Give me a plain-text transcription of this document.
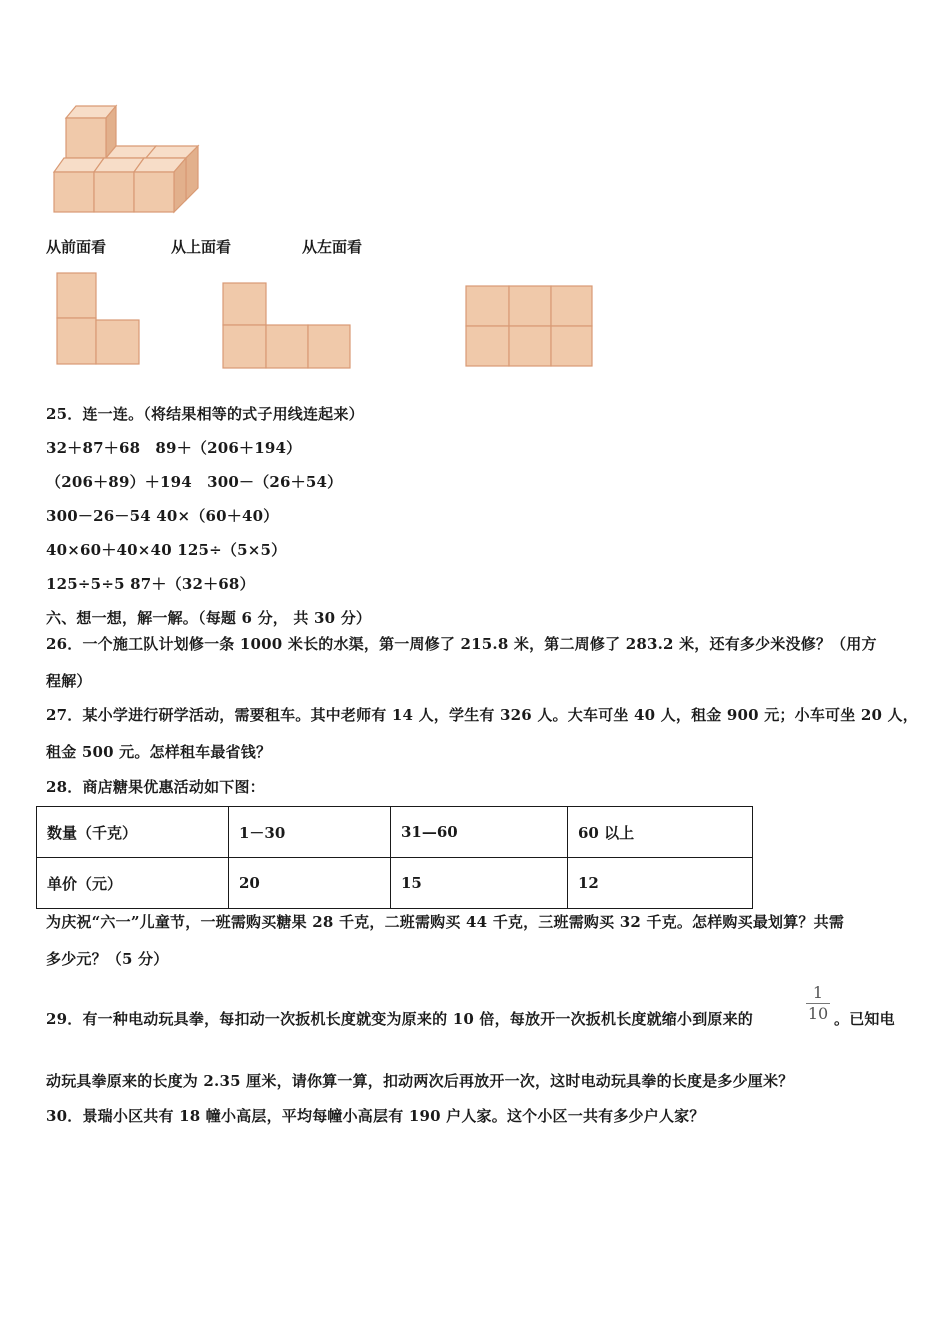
从前面看	从上面看	从左面看
25．连一连。（将结果相等的式子用线连起来）
32＋87＋68　89＋（206＋194）
（206＋89）＋194　300－（26＋54）
300－26－54 40×（60＋40）
40×60＋40×40 125÷（5×5）
125÷5÷5 87＋（32＋68）
六、想一想，解一解。（每题 6 分， 共 30 分）
26．一个施工队计划修一条 1000 米长的水渠，第一周修了 215.8 米，第二周修了 283.2 米，还有多少米没修？（用方
程解）
27．某小学进行研学活动，需要租车。其中老师有 14 人，学生有 326 人。大车可坐 40 人，租金 900 元；小车可坐 20 人，
租金 500 元。怎样租车最省钱？
28．商店糖果优惠活动如下图：
数量（千克）	1－30	31—60	60 以上
单价（元）	20	15	12
为庆祝“六一”儿童节，一班需购买糖果 28 千克，二班需购买 44 千克，三班需购买 32 千克。怎样购买最划算？共需
多少元？（5 分）
29．有一种电动玩具拳，每扣动一次扳机长度就变为原来的 10 倍，每放开一次扳机长度就缩小到原来的
1
10 。已知电
动玩具拳原来的长度为 2.35 厘米，请你算一算，扣动两次后再放开一次，这时电动玩具拳的长度是多少厘米？
30．景瑞小区共有 18 幢小高层，平均每幢小高层有 190 户人家。这个小区一共有多少户人家？
